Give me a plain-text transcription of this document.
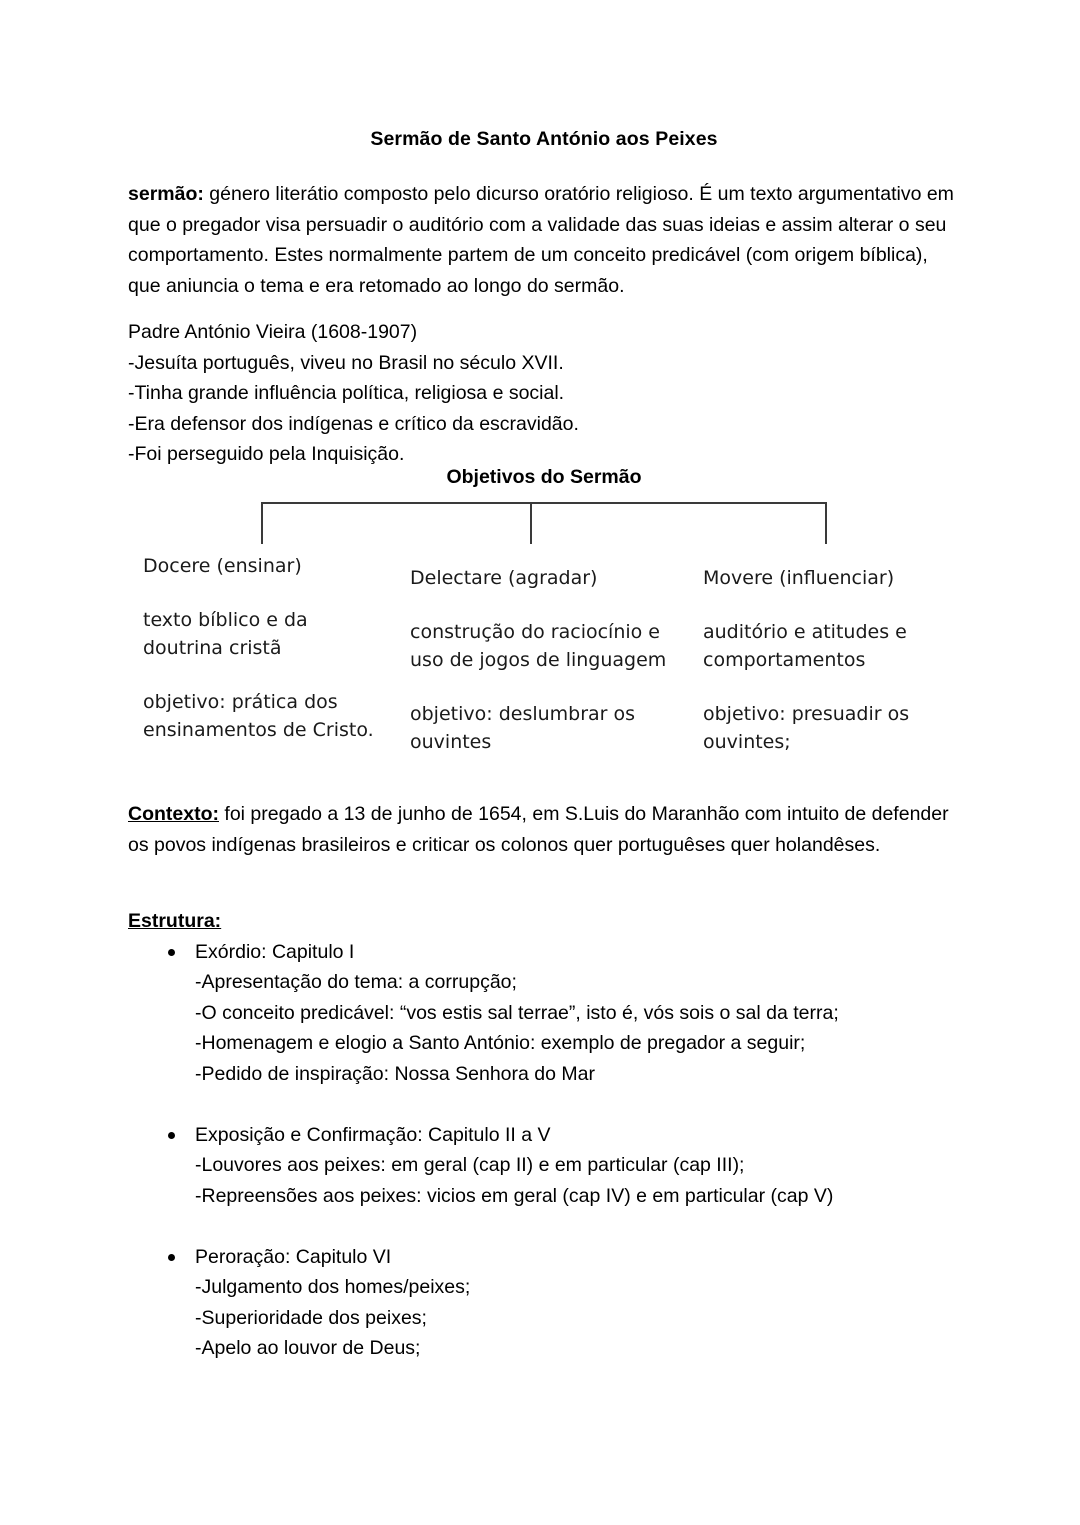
Sermão de Santo António aos Peixes
sermão: género literátio composto pelo dicurso oratório religioso. É um texto argumentativo em que o pregador visa persuadir o auditório com a validade das suas ideias e assim alterar o seu comportamento. Estes normalmente partem de um conceito predicável (com origem bíblica), que aniuncia o tema e era retomado ao longo do sermão.
Padre António Vieira (1608-1907)
-Jesuíta português, viveu no Brasil no século XVII.
-Tinha grande influência política, religiosa e social.
-Era defensor dos indígenas e crítico da escravidão.
-Foi perseguido pela Inquisição.
Objetivos do Sermão
Docere (ensinar)
texto bíblico e da doutrina cristã
objetivo: prática dos ensinamentos de Cristo.
Delectare (agradar)
construção do raciocínio e uso de jogos de linguagem
objetivo: deslumbrar os ouvintes
Movere (influenciar)
auditório e atitudes e comportamentos
objetivo: presuadir os ouvintes;
Contexto: foi pregado a 13 de junho de 1654, em S.Luis do Maranhão com intuito de defender os povos indígenas brasileiros e criticar os colonos quer portuguêses quer holandêses.
Estrutura:
Exórdio: Capitulo I
-Apresentação do tema: a corrupção;
-O conceito predicável: “vos estis sal terrae”, isto é, vós sois o sal da terra;
-Homenagem e elogio a Santo António: exemplo de pregador a seguir;
-Pedido de inspiração: Nossa Senhora do Mar
Exposição e Confirmação: Capitulo II a V
-Louvores aos peixes: em geral (cap II) e em particular (cap III);
-Repreensões aos peixes: vicios em geral (cap IV) e em particular (cap V)
Peroração: Capitulo VI
-Julgamento dos homes/peixes;
-Superioridade dos peixes;
-Apelo ao louvor de Deus;
